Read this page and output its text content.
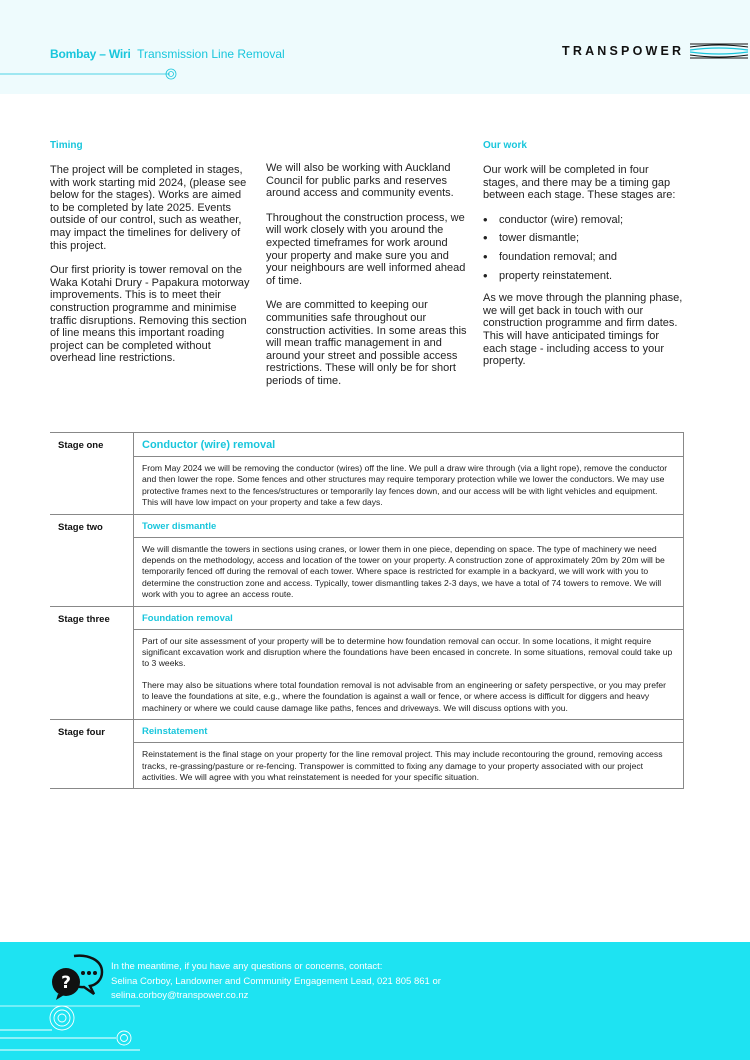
Bombay – Wiri Transmission Line Removal	TRANSPOWER
Timing

The project will be completed in stages, with work starting mid 2024, (please see below for the stages). Works are aimed to be completed by late 2025. Events outside of our control, such as weather, may impact the timelines for delivery of this project.

Our first priority is tower removal on the Waka Kotahi Drury - Papakura motorway improvements. This is to meet their construction programme and minimise traffic disruptions. Removing this section of line means this important roading project can be completed without overhead line restrictions.

We will also be working with Auckland Council for public parks and reserves around access and community events.

Throughout the construction process, we will work closely with you around the expected timeframes for work around your property and make sure you and your neighbours are well informed ahead of time.

We are committed to keeping our communities safe throughout our construction activities. In some areas this will mean traffic management in and around your street and possible access restrictions. These will only be for short periods of time.

Our work

Our work will be completed in four stages, and there may be a timing gap between each stage. These stages are:

• conductor (wire) removal;
• tower dismantle;
• foundation removal; and
• property reinstatement.

As we move through the planning phase, we will get back in touch with our construction programme and firm dates. This will have anticipated timings for each stage - including access to your property.

Stage one	Conductor (wire) removal

From May 2024 we will be removing the conductor (wires) off the line. We pull a draw wire through (via a light rope), remove the conductor and then lower the rope. Some fences and other structures may require temporary protection while we lower the conductors. We may use protective frames next to the fences/structures or temporarily lay fences down, and our access will be with light vehicles and equipment. This will have low impact on your property and take a few days.

Stage two	Tower dismantle

We will dismantle the towers in sections using cranes, or lower them in one piece, depending on space. The type of machinery we need depends on the methodology, access and location of the tower on your property. A construction zone of approximately 20m by 20m will be temporarily fenced off during the removal of each tower. Where space is restricted for example in a backyard, we will work with you to determine the construction zone and access. Typically, tower dismantling takes 2-3 days, we have a total of 74 towers to remove. We will work with you to agree an access route.

Stage three	Foundation removal

Part of our site assessment of your property will be to determine how foundation removal can occur. In some locations, it might require significant excavation work and disruption where the foundations have been encased in concrete. In some situations, removal could take up to 3 weeks.

There may also be situations where total foundation removal is not advisable from an engineering or safety perspective, or you may prefer to leave the foundations at site, e.g., where the foundation is against a wall or fence, or where access is difficult for diggers and heavy machinery or where we could cause damage like paths, fences and driveways. We will discuss options with you.

Stage four	Reinstatement

Reinstatement is the final stage on your property for the line removal project. This may include recontouring the ground, removing access tracks, re-grassing/pasture or re-fencing. Transpower is committed to fixing any damage to your property associated with our project activities. We will agree with you what reinstatement is needed for your specific situation.

?
In the meantime, if you have any questions or concerns, contact:
Selina Corboy, Landowner and Community Engagement Lead, 021 805 861 or
selina.corboy@transpower.co.nz
